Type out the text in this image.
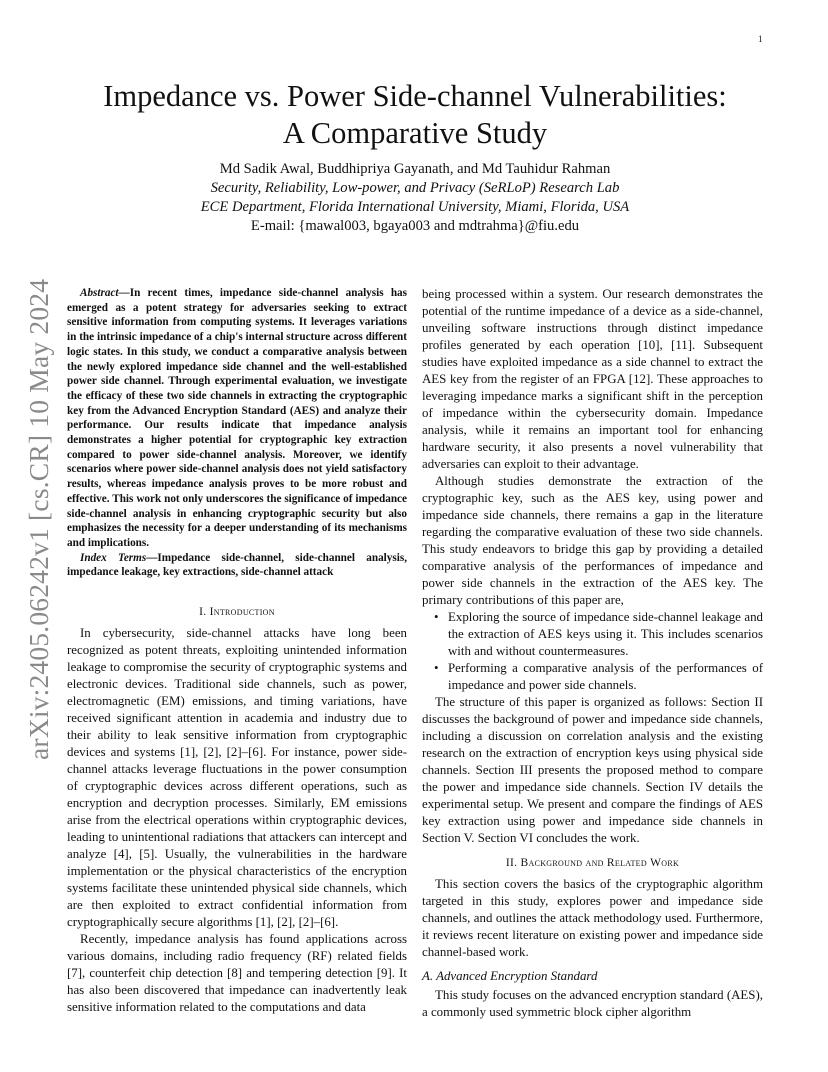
1
arXiv:2405.06242v1 [cs.CR] 10 May 2024
Impedance vs. Power Side-channel Vulnerabilities:
A Comparative Study
Md Sadik Awal, Buddhipriya Gayanath, and Md Tauhidur Rahman
Security, Reliability, Low-power, and Privacy (SeRLoP) Research Lab
ECE Department, Florida International University, Miami, Florida, USA
E-mail: {mawal003, bgaya003 and mdtrahma}@fiu.edu

Abstract—In recent times, impedance side-channel analysis has emerged as a potent strategy for adversaries seeking to extract sensitive information from computing systems. It leverages variations in the intrinsic impedance of a chip's internal structure across different logic states. In this study, we conduct a comparative analysis between the newly explored impedance side channel and the well-established power side channel. Through experimental evaluation, we investigate the efficacy of these two side channels in extracting the cryptographic key from the Advanced Encryption Standard (AES) and analyze their performance. Our results indicate that impedance analysis demonstrates a higher potential for cryptographic key extraction compared to power side-channel analysis. Moreover, we identify scenarios where power side-channel analysis does not yield satisfactory results, whereas impedance analysis proves to be more robust and effective. This work not only underscores the significance of impedance side-channel analysis in enhancing cryptographic security but also emphasizes the necessity for a deeper understanding of its mechanisms and implications.

Index Terms—Impedance side-channel, side-channel analysis, impedance leakage, key extractions, side-channel attack

I. Introduction

In cybersecurity, side-channel attacks have long been recognized as potent threats, exploiting unintended information leakage to compromise the security of cryptographic systems and electronic devices. Traditional side channels, such as power, electromagnetic (EM) emissions, and timing variations, have received significant attention in academia and industry due to their ability to leak sensitive information from cryptographic devices and systems [1], [2], [2]–[6]. For instance, power side-channel attacks leverage fluctuations in the power consumption of cryptographic devices across different operations, such as encryption and decryption processes. Similarly, EM emissions arise from the electrical operations within cryptographic devices, leading to unintentional radiations that attackers can intercept and analyze [4], [5]. Usually, the vulnerabilities in the hardware implementation or the physical characteristics of the encryption systems facilitate these unintended physical side channels, which are then exploited to extract confidential information from cryptographically secure algorithms [1], [2], [2]–[6].

Recently, impedance analysis has found applications across various domains, including radio frequency (RF) related fields [7], counterfeit chip detection [8] and tempering detection [9]. It has also been discovered that impedance can inadvertently leak sensitive information related to the computations and data

being processed within a system. Our research demonstrates the potential of the runtime impedance of a device as a side-channel, unveiling software instructions through distinct impedance profiles generated by each operation [10], [11]. Subsequent studies have exploited impedance as a side channel to extract the AES key from the register of an FPGA [12]. These approaches to leveraging impedance marks a significant shift in the perception of impedance within the cybersecurity domain. Impedance analysis, while it remains an important tool for enhancing hardware security, it also presents a novel vulnerability that adversaries can exploit to their advantage.

Although studies demonstrate the extraction of the cryptographic key, such as the AES key, using power and impedance side channels, there remains a gap in the literature regarding the comparative evaluation of these two side channels. This study endeavors to bridge this gap by providing a detailed comparative analysis of the performances of impedance and power side channels in the extraction of the AES key. The primary contributions of this paper are,

• Exploring the source of impedance side-channel leakage and the extraction of AES keys using it. This includes scenarios with and without countermeasures.
• Performing a comparative analysis of the performances of impedance and power side channels.

The structure of this paper is organized as follows: Section II discusses the background of power and impedance side channels, including a discussion on correlation analysis and the existing research on the extraction of encryption keys using physical side channels. Section III presents the proposed method to compare the power and impedance side channels. Section IV details the experimental setup. We present and compare the findings of AES key extraction using power and impedance side channels in Section V. Section VI concludes the work.

II. Background and Related Work

This section covers the basics of the cryptographic algorithm targeted in this study, explores power and impedance side channels, and outlines the attack methodology used. Furthermore, it reviews recent literature on existing power and impedance side channel-based work.

A. Advanced Encryption Standard

This study focuses on the advanced encryption standard (AES), a commonly used symmetric block cipher algorithm
